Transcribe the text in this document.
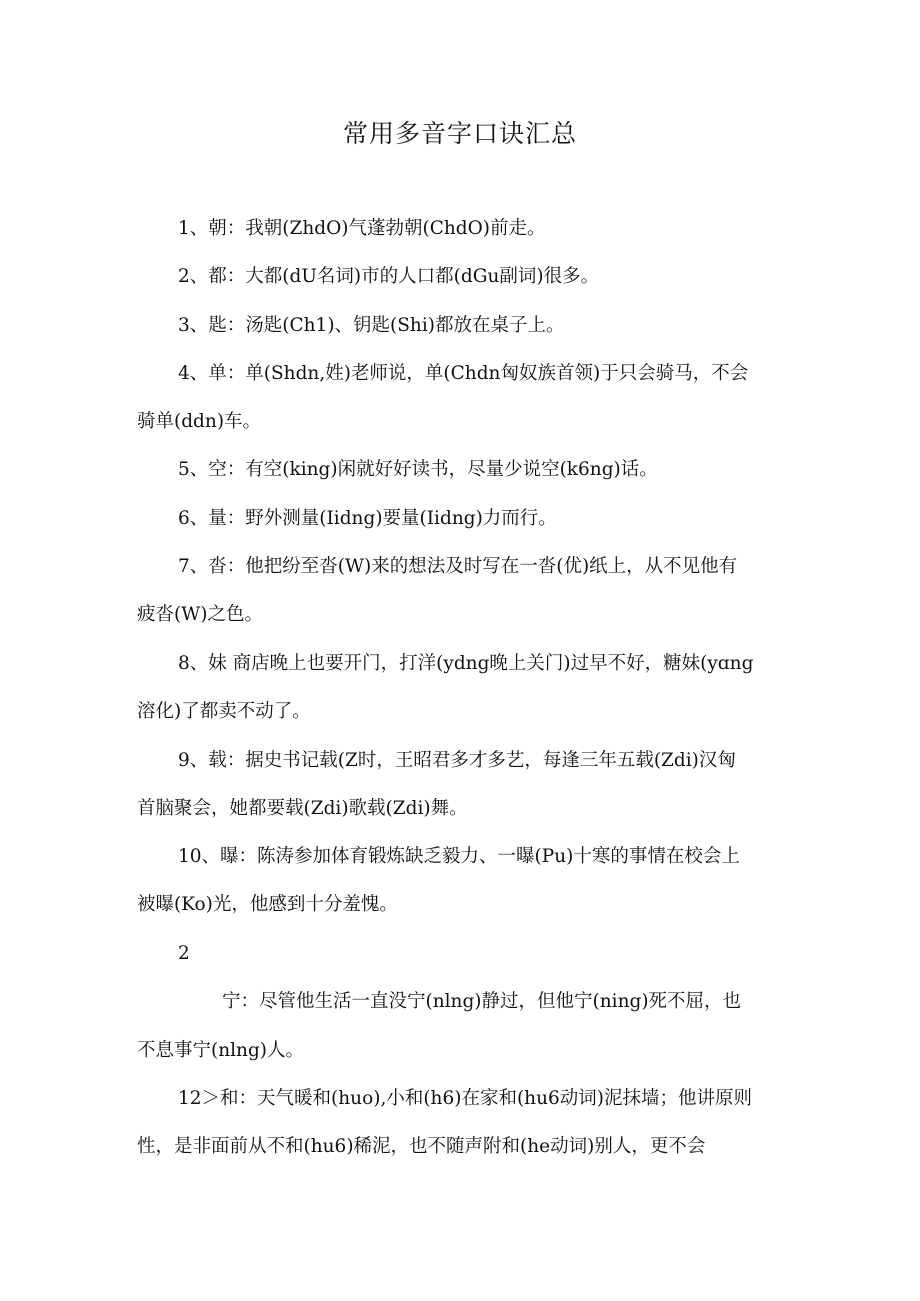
常用多音字口诀汇总
1、朝：我朝(ZhdO)气蓬勃朝(ChdO)前走。
2、都：大都(dU名词)市的人口都(dGu副词)很多。
3、匙：汤匙(Ch1)、钥匙(Shi)都放在桌子上。
4、单：单(Shdn,姓)老师说，单(Chdn匈奴族首领)于只会骑马，不会
骑单(ddn)车。
5、空：有空(king)闲就好好读书，尽量少说空(k6ng)话。
6、量：野外测量(Iidng)要量(Iidng)力而行。
7、沓：他把纷至沓(W)来的想法及时写在一沓(优)纸上，从不见他有
疲沓(W)之色。
8、妹 商店晚上也要开门，打洋(ydng晚上关门)过早不好，糖妹(yɑng
溶化)了都卖不动了。
9、载：据史书记载(Z时，王昭君多才多艺，每逢三年五载(Zdi)汉匈
首脑聚会，她都要载(Zdi)歌载(Zdi)舞。
10、曝：陈涛参加体育锻炼缺乏毅力、一曝(Pu)十寒的事情在校会上
被曝(Ko)光，他感到十分羞愧。
2
宁：尽管他生活一直没宁(nlng)静过，但他宁(ning)死不屈，也
不息事宁(nlng)人。
12＞和：天气暖和(huo),小和(h6)在家和(hu6动词)泥抹墙；他讲原则
性，是非面前从不和(hu6)稀泥，也不随声附和(he动词)别人，更不会
